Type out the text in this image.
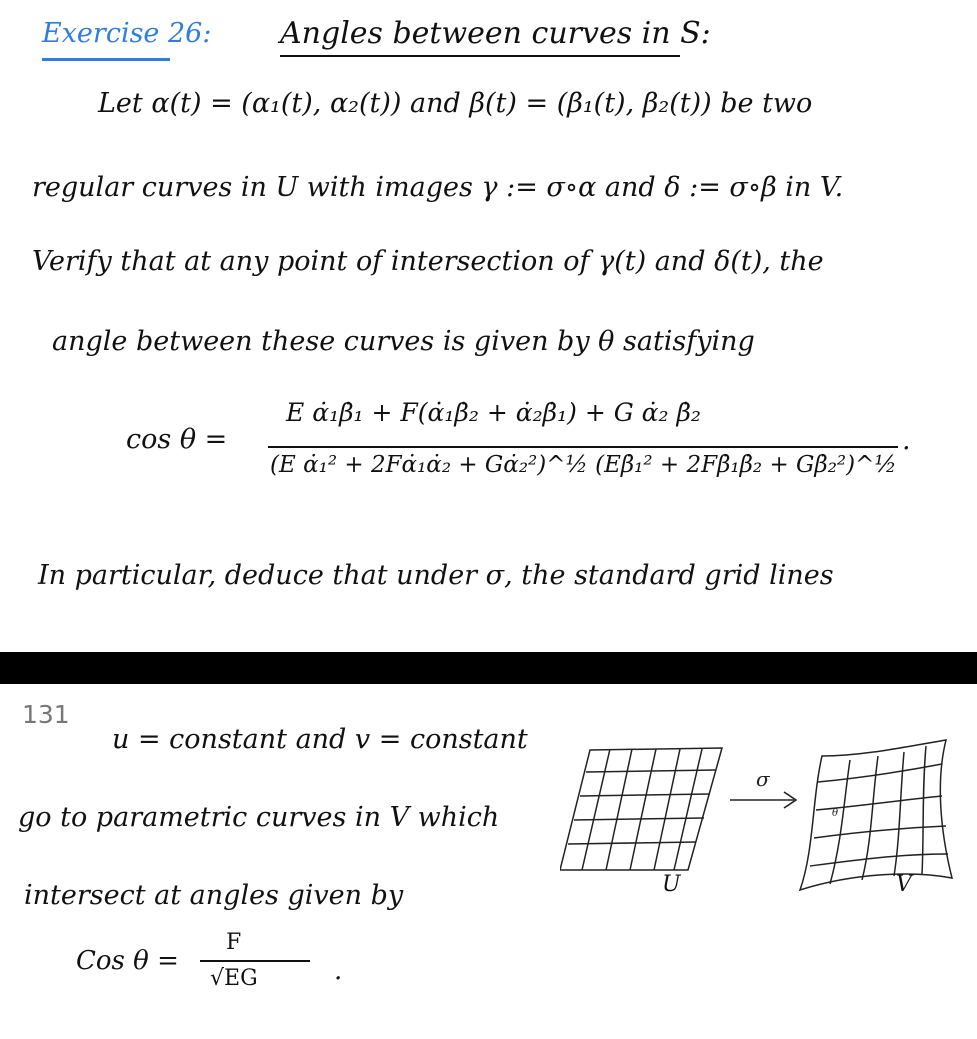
Exercise 26: Angles between curves in S:
Let α(t) = (α₁(t), α₂(t)) and β(t) = (β₁(t), β₂(t)) be two
regular curves in U with images γ := σ∘α and δ := σ∘β in V.
Verify that at any point of intersection of γ(t) and δ(t), the
angle between these curves is given by θ satisfying
cos θ =
E α̇₁β̇₁ + F(α̇₁β̇₂ + α̇₂β̇₁) + G α̇₂ β̇₂
(E α̇₁² + 2Fα̇₁α̇₂ + Gα̇₂²)^½ (Eβ̇₁² + 2Fβ̇₁β̇₂ + Gβ̇₂²)^½
.
In particular, deduce that under σ, the standard grid lines
131
u = constant and v = constant
go to parametric curves in V which
intersect at angles given by
Cos θ =
F
√EG	.
σ
θ
U	V
